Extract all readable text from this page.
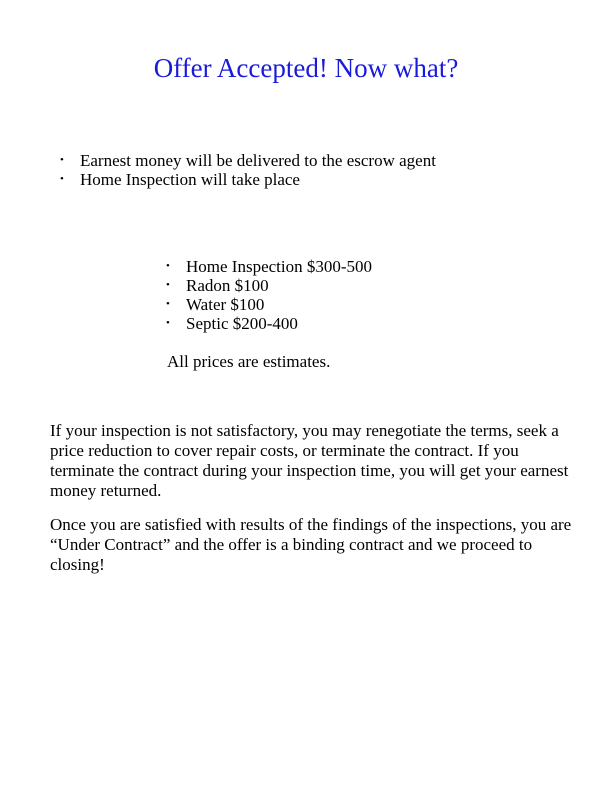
Offer Accepted! Now what?
• Earnest money will be delivered to the escrow agent
• Home Inspection will take place
• Home Inspection $300-500
• Radon $100
• Water $100
• Septic $200-400

All prices are estimates.

If your inspection is not satisfactory, you may renegotiate the terms, seek a price reduction to cover repair costs, or terminate the contract. If you terminate the contract during your inspection time, you will get your earnest money returned.

Once you are satisfied with results of the findings of the inspections, you are “Under Contract” and the offer is a binding contract and we proceed to closing!
